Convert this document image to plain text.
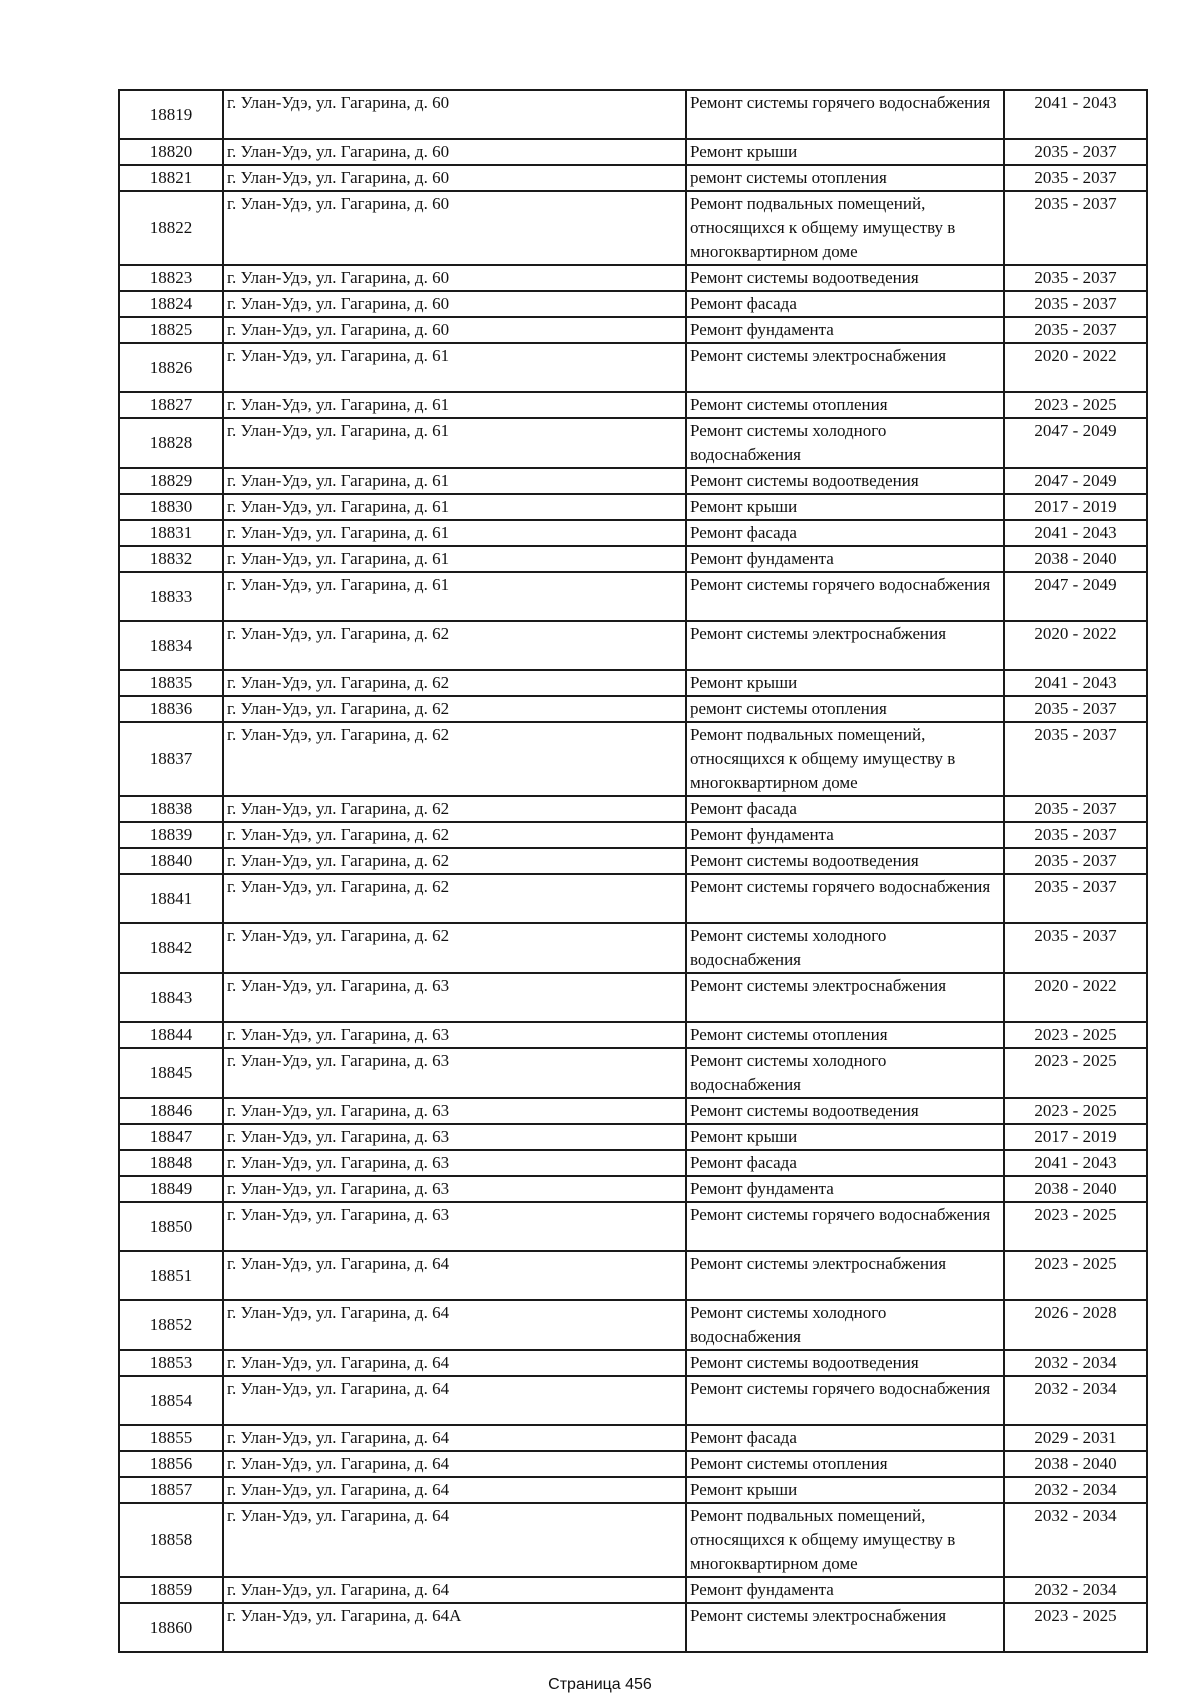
18819	г. Улан-Удэ, ул. Гагарина, д. 60	Ремонт системы горячего водоснабжения	2041 - 2043
18820	г. Улан-Удэ, ул. Гагарина, д. 60	Ремонт крыши	2035 - 2037
18821	г. Улан-Удэ, ул. Гагарина, д. 60	ремонт системы отопления	2035 - 2037
18822	г. Улан-Удэ, ул. Гагарина, д. 60	Ремонт подвальных помещений, относящихся к общему имуществу в многоквартирном доме	2035 - 2037
18823	г. Улан-Удэ, ул. Гагарина, д. 60	Ремонт системы водоотведения	2035 - 2037
18824	г. Улан-Удэ, ул. Гагарина, д. 60	Ремонт фасада	2035 - 2037
18825	г. Улан-Удэ, ул. Гагарина, д. 60	Ремонт фундамента	2035 - 2037
18826	г. Улан-Удэ, ул. Гагарина, д. 61	Ремонт системы электроснабжения	2020 - 2022
18827	г. Улан-Удэ, ул. Гагарина, д. 61	Ремонт системы отопления	2023 - 2025
18828	г. Улан-Удэ, ул. Гагарина, д. 61	Ремонт системы холодного водоснабжения	2047 - 2049
18829	г. Улан-Удэ, ул. Гагарина, д. 61	Ремонт системы водоотведения	2047 - 2049
18830	г. Улан-Удэ, ул. Гагарина, д. 61	Ремонт крыши	2017 - 2019
18831	г. Улан-Удэ, ул. Гагарина, д. 61	Ремонт фасада	2041 - 2043
18832	г. Улан-Удэ, ул. Гагарина, д. 61	Ремонт фундамента	2038 - 2040
18833	г. Улан-Удэ, ул. Гагарина, д. 61	Ремонт системы горячего водоснабжения	2047 - 2049
18834	г. Улан-Удэ, ул. Гагарина, д. 62	Ремонт системы электроснабжения	2020 - 2022
18835	г. Улан-Удэ, ул. Гагарина, д. 62	Ремонт крыши	2041 - 2043
18836	г. Улан-Удэ, ул. Гагарина, д. 62	ремонт системы отопления	2035 - 2037
18837	г. Улан-Удэ, ул. Гагарина, д. 62	Ремонт подвальных помещений, относящихся к общему имуществу в многоквартирном доме	2035 - 2037
18838	г. Улан-Удэ, ул. Гагарина, д. 62	Ремонт фасада	2035 - 2037
18839	г. Улан-Удэ, ул. Гагарина, д. 62	Ремонт фундамента	2035 - 2037
18840	г. Улан-Удэ, ул. Гагарина, д. 62	Ремонт системы водоотведения	2035 - 2037
18841	г. Улан-Удэ, ул. Гагарина, д. 62	Ремонт системы горячего водоснабжения	2035 - 2037
18842	г. Улан-Удэ, ул. Гагарина, д. 62	Ремонт системы холодного водоснабжения	2035 - 2037
18843	г. Улан-Удэ, ул. Гагарина, д. 63	Ремонт системы электроснабжения	2020 - 2022
18844	г. Улан-Удэ, ул. Гагарина, д. 63	Ремонт системы отопления	2023 - 2025
18845	г. Улан-Удэ, ул. Гагарина, д. 63	Ремонт системы холодного водоснабжения	2023 - 2025
18846	г. Улан-Удэ, ул. Гагарина, д. 63	Ремонт системы водоотведения	2023 - 2025
18847	г. Улан-Удэ, ул. Гагарина, д. 63	Ремонт крыши	2017 - 2019
18848	г. Улан-Удэ, ул. Гагарина, д. 63	Ремонт фасада	2041 - 2043
18849	г. Улан-Удэ, ул. Гагарина, д. 63	Ремонт фундамента	2038 - 2040
18850	г. Улан-Удэ, ул. Гагарина, д. 63	Ремонт системы горячего водоснабжения	2023 - 2025
18851	г. Улан-Удэ, ул. Гагарина, д. 64	Ремонт системы электроснабжения	2023 - 2025
18852	г. Улан-Удэ, ул. Гагарина, д. 64	Ремонт системы холодного водоснабжения	2026 - 2028
18853	г. Улан-Удэ, ул. Гагарина, д. 64	Ремонт системы водоотведения	2032 - 2034
18854	г. Улан-Удэ, ул. Гагарина, д. 64	Ремонт системы горячего водоснабжения	2032 - 2034
18855	г. Улан-Удэ, ул. Гагарина, д. 64	Ремонт фасада	2029 - 2031
18856	г. Улан-Удэ, ул. Гагарина, д. 64	Ремонт системы отопления	2038 - 2040
18857	г. Улан-Удэ, ул. Гагарина, д. 64	Ремонт крыши	2032 - 2034
18858	г. Улан-Удэ, ул. Гагарина, д. 64	Ремонт подвальных помещений, относящихся к общему имуществу в многоквартирном доме	2032 - 2034
18859	г. Улан-Удэ, ул. Гагарина, д. 64	Ремонт фундамента	2032 - 2034
18860	г. Улан-Удэ, ул. Гагарина, д. 64А	Ремонт системы электроснабжения	2023 - 2025
Страница 456
